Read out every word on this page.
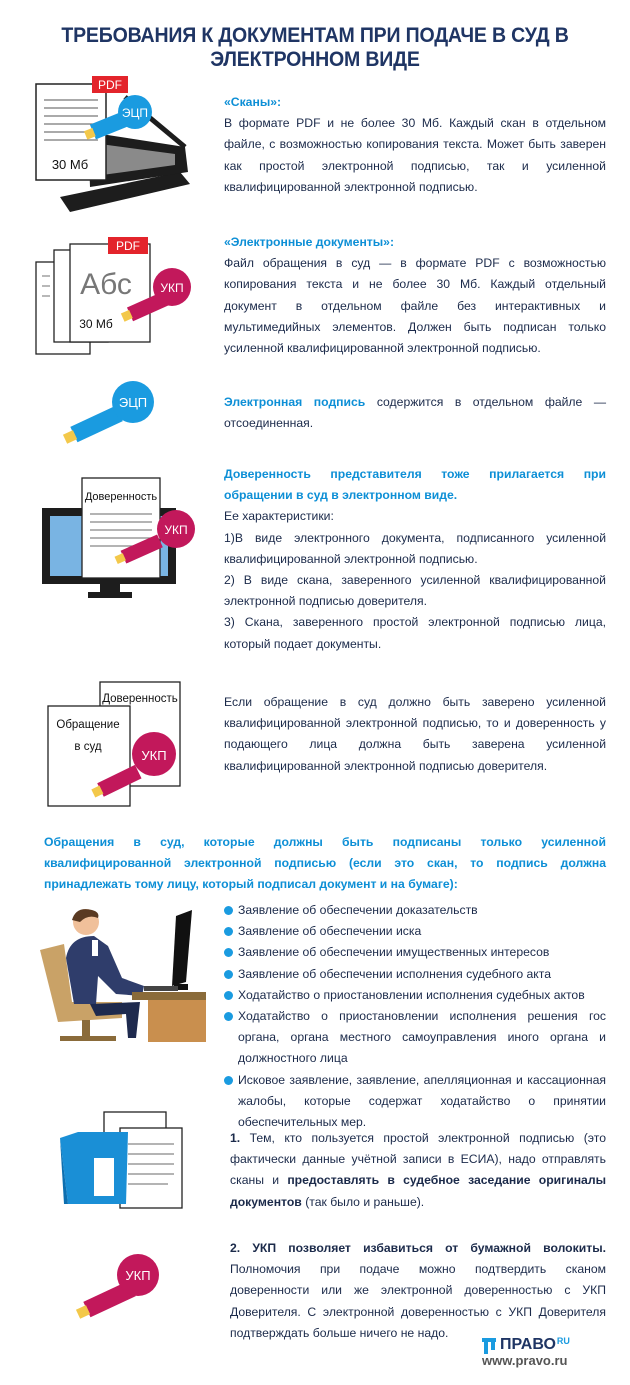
ТРЕБОВАНИЯ К ДОКУМЕНТАМ ПРИ ПОДАЧЕ В СУД В ЭЛЕКТРОННОМ ВИДЕ
PDF
30 Мб
ЭЦП
«Сканы»:
В формате PDF и не более 30 Мб. Каждый скан в отдельном файле, с возможностью копирования текста. Может быть заверен как простой электронной подписью, так и усиленной квалифицированной электронной подписью.
PDF
Абс
30 Мб
УКП
«Электронные документы»:
Файл обращения в суд — в формате PDF с возможностью копирования текста и не более 30 Мб. Каждый отдельный документ в отдельном файле без интерактивных и мультимедийных элементов. Должен быть подписан только усиленной квалифицированной электронной подписью.
ЭЦП	Электронная подпись содержится в отдельном файле — отсоединенная.
Доверенность
УКП
Доверенность представителя тоже прилагается при обращении в суд в электронном виде.
Ее характеристики:
1)В виде электронного документа, подписанного усиленной квалифицированной электронной подписью.
2) В виде скана, заверенного усиленной квалифицированной электронной подписью доверителя.
3) Скана, заверенного простой электронной подписью лица, который подает документы.
Доверенность
Обращение
в суд
УКП
Если обращение в суд должно быть заверено усиленной квалифицированной электронной подписью, то и доверенность у подающего лица должна быть заверена усиленной квалифицированной электронной подписью доверителя.
Обращения в суд, которые должны быть подписаны только усиленной квалифицированной электронной подписью (если это скан, то подпись должна принадлежать тому лицу, который подписал документ и на бумаге):
Заявление об обеспечении доказательств
Заявление об обеспечении иска
Заявление об обеспечении имущественных интересов
Заявление об обеспечении исполнения судебного акта
Ходатайство о приостановлении исполнения судебных актов
Ходатайство о приостановлении исполнения решения гос органа, органа местного самоуправления иного органа и должностного лица
Исковое заявление, заявление, апелляционная и кассационная жалобы, которые содержат ходатайство о принятии обеспечительных мер.
1. Тем, кто пользуется простой электронной подписью (это фактически данные учётной записи в ЕСИА), надо отправлять сканы и предоставлять в судебное заседание оригиналы документов (так было и раньше).
УКП
2. УКП позволяет избавиться от бумажной волокиты. Полномочия при подаче можно подтвердить сканом доверенности или же электронной доверенностью с УКП Доверителя. С электронной доверенностью с УКП Доверителя подтверждать больше ничего не надо.
ПРАВО RU
www.pravo.ru
